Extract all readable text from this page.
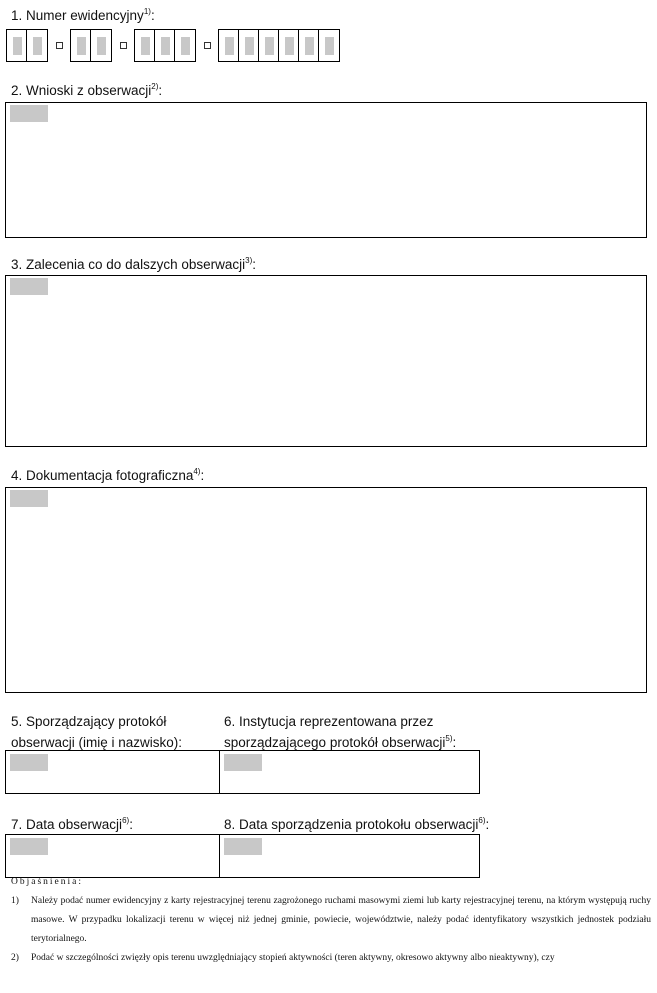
1. Numer ewidencyjny$^{1)}$:
2. Wnioski z obserwacji$^{2)}$:
3. Zalecenia co do dalszych obserwacji$^{3)}$:
4. Dokumentacja fotograficzna$^{4)}$:
5. Sporządzający protokół obserwacji (imię i nazwisko):
6. Instytucja reprezentowana przez sporządzającego protokół obserwacji$^{5)}$:
7. Data obserwacji$^{6)}$:	8. Data sporządzenia protokołu obserwacji$^{6)}$:
Objaśnienia:
1)	Należy podać numer ewidencyjny z karty rejestracyjnej terenu zagrożonego ruchami masowymi ziemi lub karty rejestracyjnej terenu, na którym występują ruchy masowe. W przypadku lokalizacji terenu w więcej niż jednej gminie, powiecie, województwie, należy podać identyfikatory wszystkich jednostek podziału terytorialnego.
2)	Podać w szczególności zwięzły opis terenu uwzględniający stopień aktywności (teren aktywny, okresowo aktywny albo nieaktywny), czy
